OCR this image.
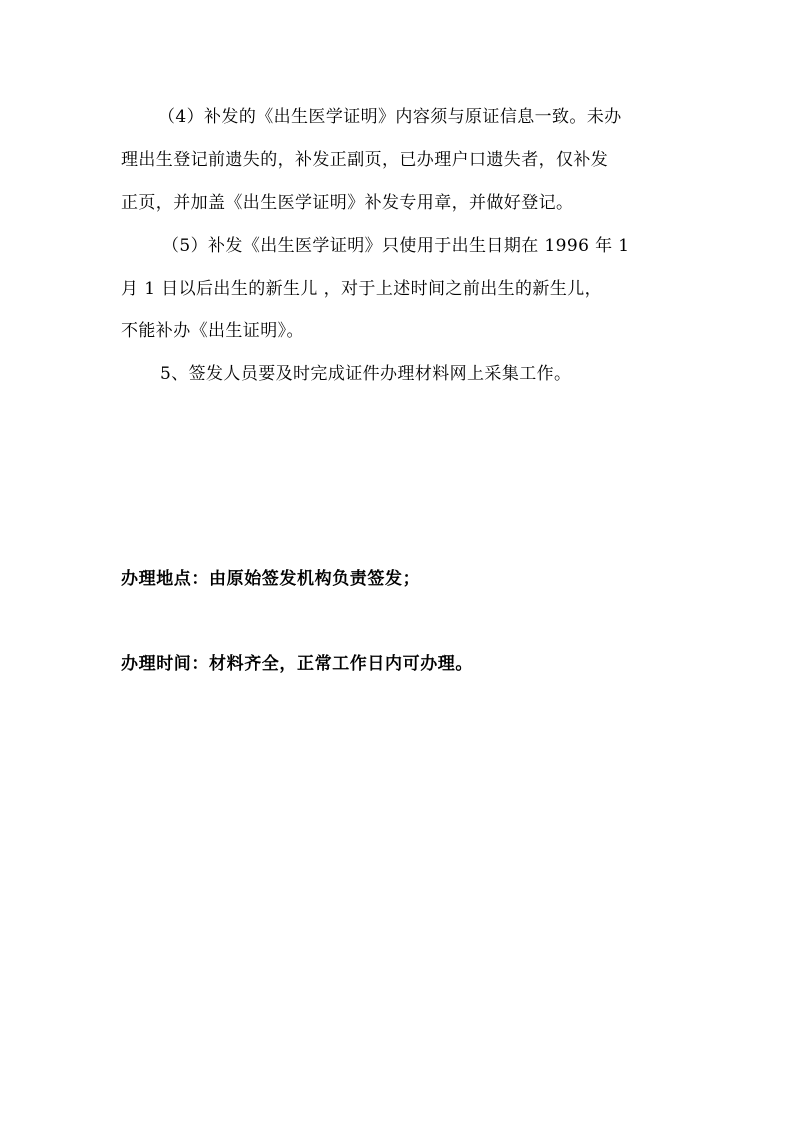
（4）补发的《出生医学证明》内容须与原证信息一致。未办

理出生登记前遗失的，补发正副页，已办理户口遗失者，仅补发

正页，并加盖《出生医学证明》补发专用章，并做好登记。

（5）补发《出生医学证明》只使用于出生日期在 1996 年 1

月 1 日以后出生的新生儿 ，对于上述时间之前出生的新生儿，

不能补办《出生证明》。

5、签发人员要及时完成证件办理材料网上采集工作。

办理地点：由原始签发机构负责签发；

办理时间：材料齐全，正常工作日内可办理。
